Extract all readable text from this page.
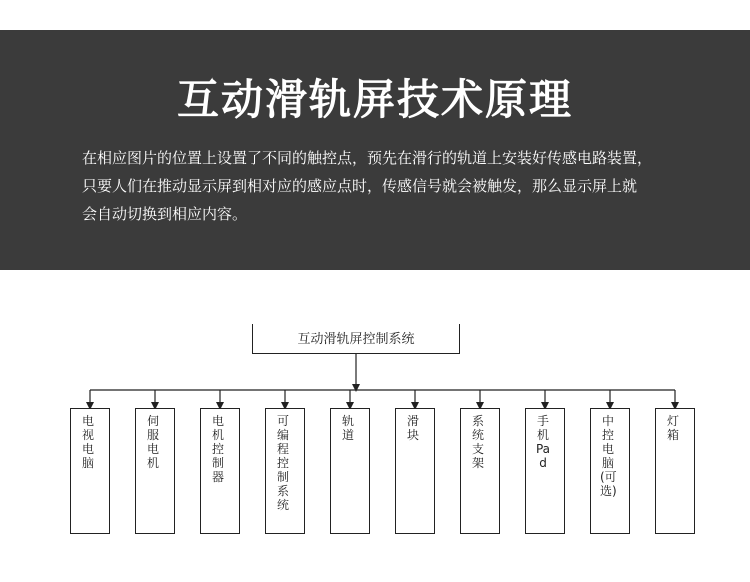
互动滑轨屏技术原理
在相应图片的位置上设置了不同的触控点，预先在滑行的轨道上安装好传感电路装置，
只要人们在推动显示屏到相对应的感应点时，传感信号就会被触发，那么显示屏上就
会自动切换到相应内容。
互动滑轨屏控制系统
电视电脑
伺服电机
电机控制器
可编程控制系统
轨道
滑块
系统支架
手机Pad
中控电脑(可选)
灯箱
